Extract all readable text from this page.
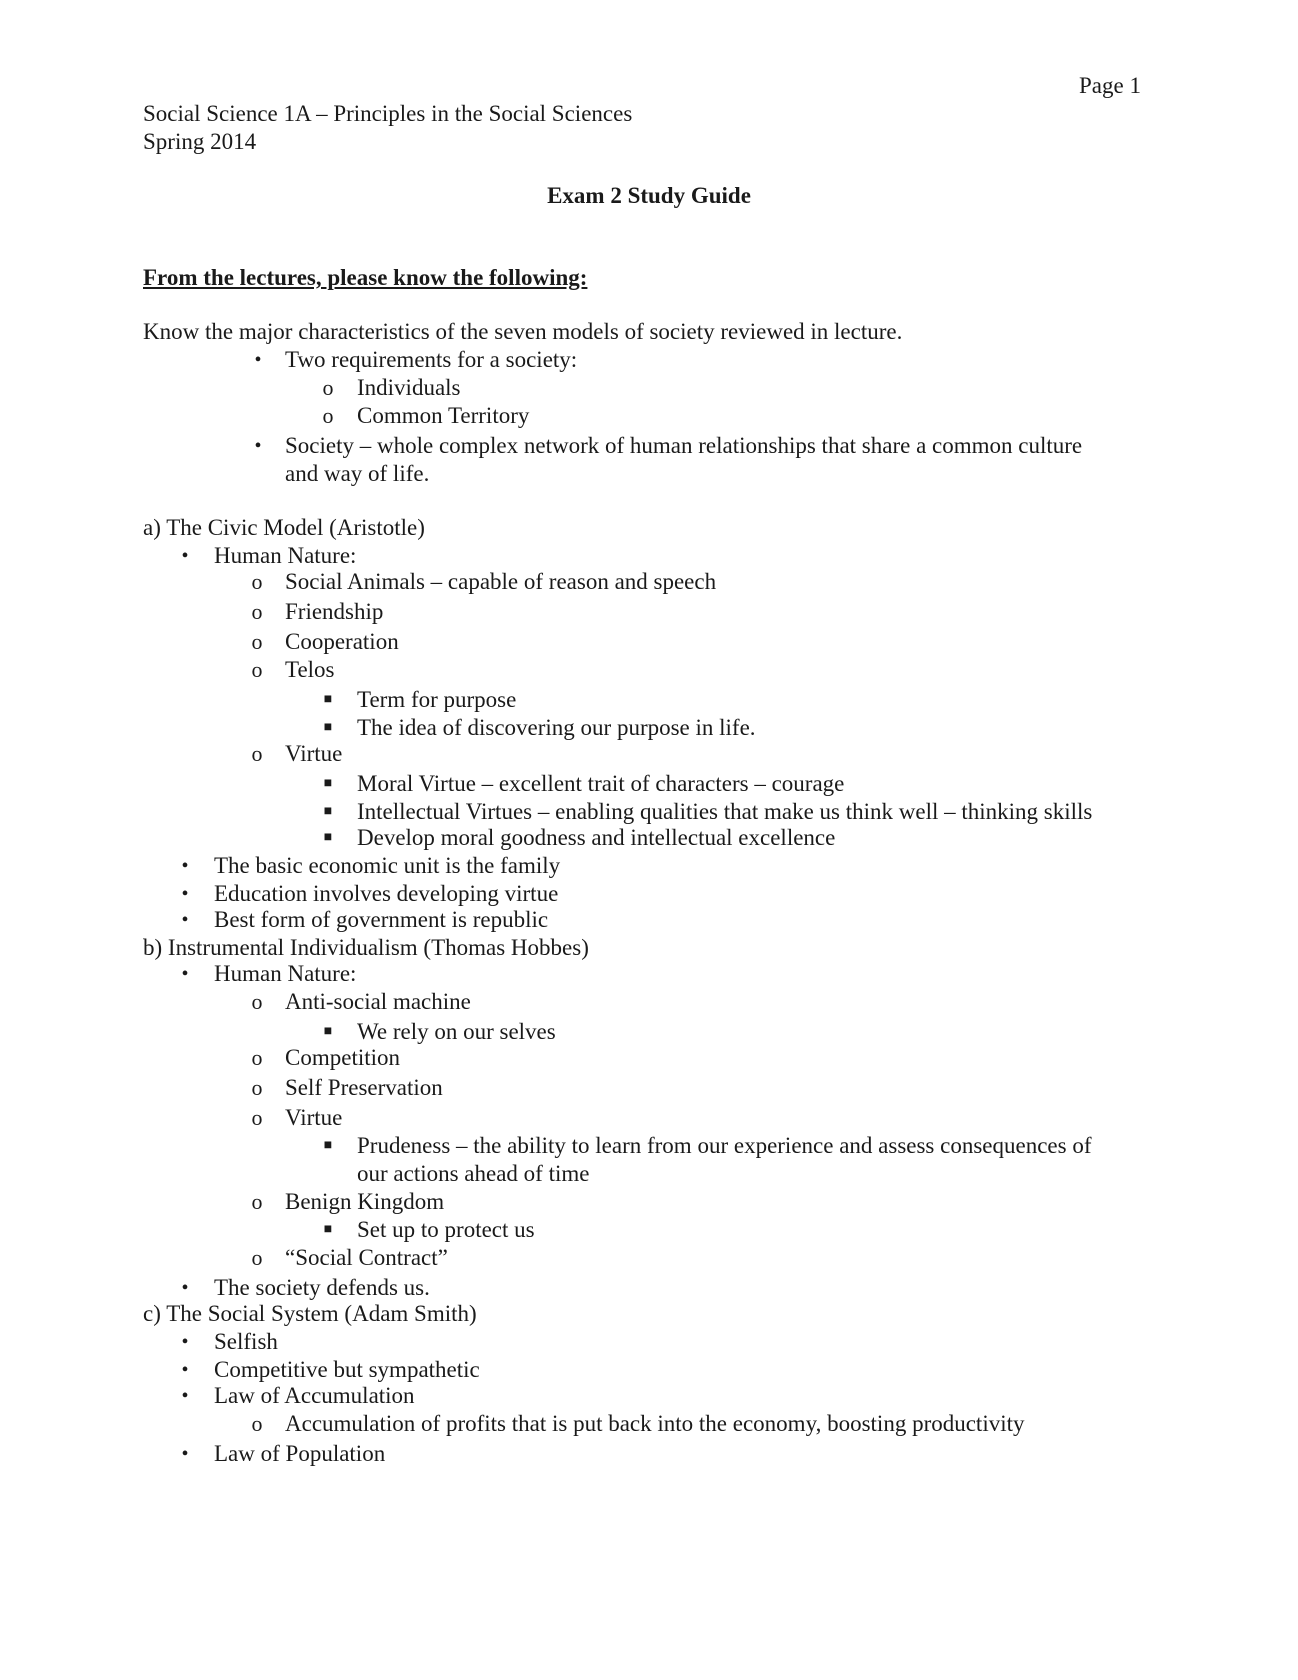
Page 1
Social Science 1A – Principles in the Social Sciences
Spring 2014
Exam 2 Study Guide
From the lectures, please know the following:
Know the major characteristics of the seven models of society reviewed in lecture.
• Two requirements for a society:
o Individuals
o Common Territory
• Society – whole complex network of human relationships that share a common culture
and way of life.
a) The Civic Model (Aristotle)
• Human Nature:
o Social Animals – capable of reason and speech
o Friendship
o Cooperation
o Telos
■ Term for purpose
■ The idea of discovering our purpose in life.
o Virtue
■ Moral Virtue – excellent trait of characters – courage
■ Intellectual Virtues – enabling qualities that make us think well – thinking skills
■ Develop moral goodness and intellectual excellence
• The basic economic unit is the family
• Education involves developing virtue
• Best form of government is republic
b) Instrumental Individualism (Thomas Hobbes)
• Human Nature:
o Anti-social machine
■ We rely on our selves
o Competition
o Self Preservation
o Virtue
■ Prudeness – the ability to learn from our experience and assess consequences of
our actions ahead of time
o Benign Kingdom
■ Set up to protect us
o “Social Contract”
• The society defends us.
c) The Social System (Adam Smith)
• Selfish
• Competitive but sympathetic
• Law of Accumulation
o Accumulation of profits that is put back into the economy, boosting productivity
• Law of Population
